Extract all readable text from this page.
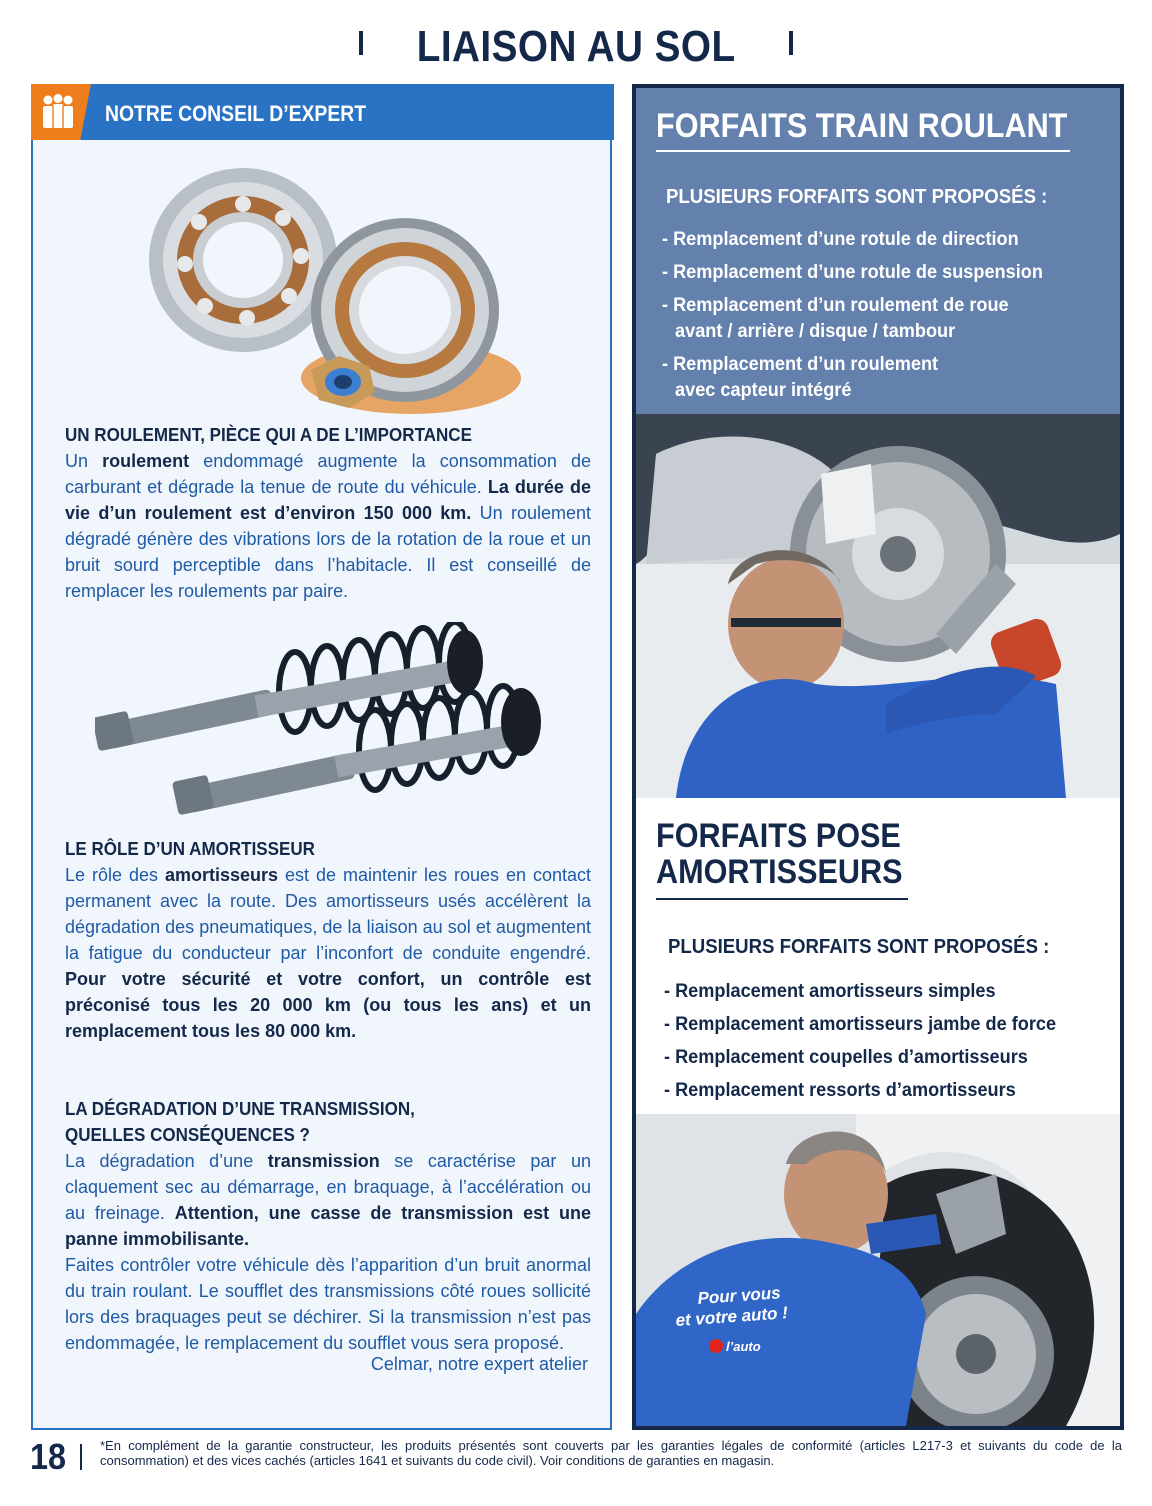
LIAISON AU SOL
NOTRE CONSEIL D’EXPERT
UN ROULEMENT, PIÈCE QUI A DE L’IMPORTANCE

Un roulement endommagé augmente la consommation de carburant et dégrade la tenue de route du véhicule. La durée de vie d’un roulement est d’environ 150 000 km. Un roulement dégradé génère des vibrations lors de la rotation de la roue et un bruit sourd perceptible dans l’habitacle. Il est conseillé de remplacer les roulements par paire.

LE RÔLE D’UN AMORTISSEUR

Le rôle des amortisseurs est de maintenir les roues en contact permanent avec la route. Des amortisseurs usés accélèrent la dégradation des pneumatiques, de la liaison au sol et augmentent la fatigue du conducteur par l’inconfort de conduite engendré. Pour votre sécurité et votre confort, un contrôle est préconisé tous les 20 000 km (ou tous les ans) et un remplacement tous les 80 000 km.

LA DÉGRADATION D’UNE TRANSMISSION,
QUELLES CONSÉQUENCES ?

La dégradation d’une transmission se caractérise par un claquement sec au démarrage, en braquage, à l’accélération ou au freinage. Attention, une casse de transmission est une panne immobilisante.

Faites contrôler votre véhicule dès l’apparition d’un bruit anormal du train roulant. Le soufflet des transmissions côté roues sollicité lors des braquages peut se déchirer. Si la transmission n’est pas endommagée, le remplacement du soufflet vous sera proposé.

Celmar, notre expert atelier
FORFAITS TRAIN ROULANT
PLUSIEURS FORFAITS SONT PROPOSÉS :
- Remplacement d’une rotule de direction
- Remplacement d’une rotule de suspension
- Remplacement d’un roulement de roue
avant / arrière / disque / tambour
- Remplacement d’un roulement
avec capteur intégré
FORFAITS POSE
AMORTISSEURS
PLUSIEURS FORFAITS SONT PROPOSÉS :
- Remplacement amortisseurs simples
- Remplacement amortisseurs jambe de force
- Remplacement coupelles d’amortisseurs
- Remplacement ressorts d’amortisseurs
Pour vous
et votre auto !
l’auto
18	*En complément de la garantie constructeur, les produits présentés sont couverts par les garanties légales de conformité (articles L217-3 et suivants du code de la consommation) et des vices cachés (articles 1641 et suivants du code civil). Voir conditions de garanties en magasin.
